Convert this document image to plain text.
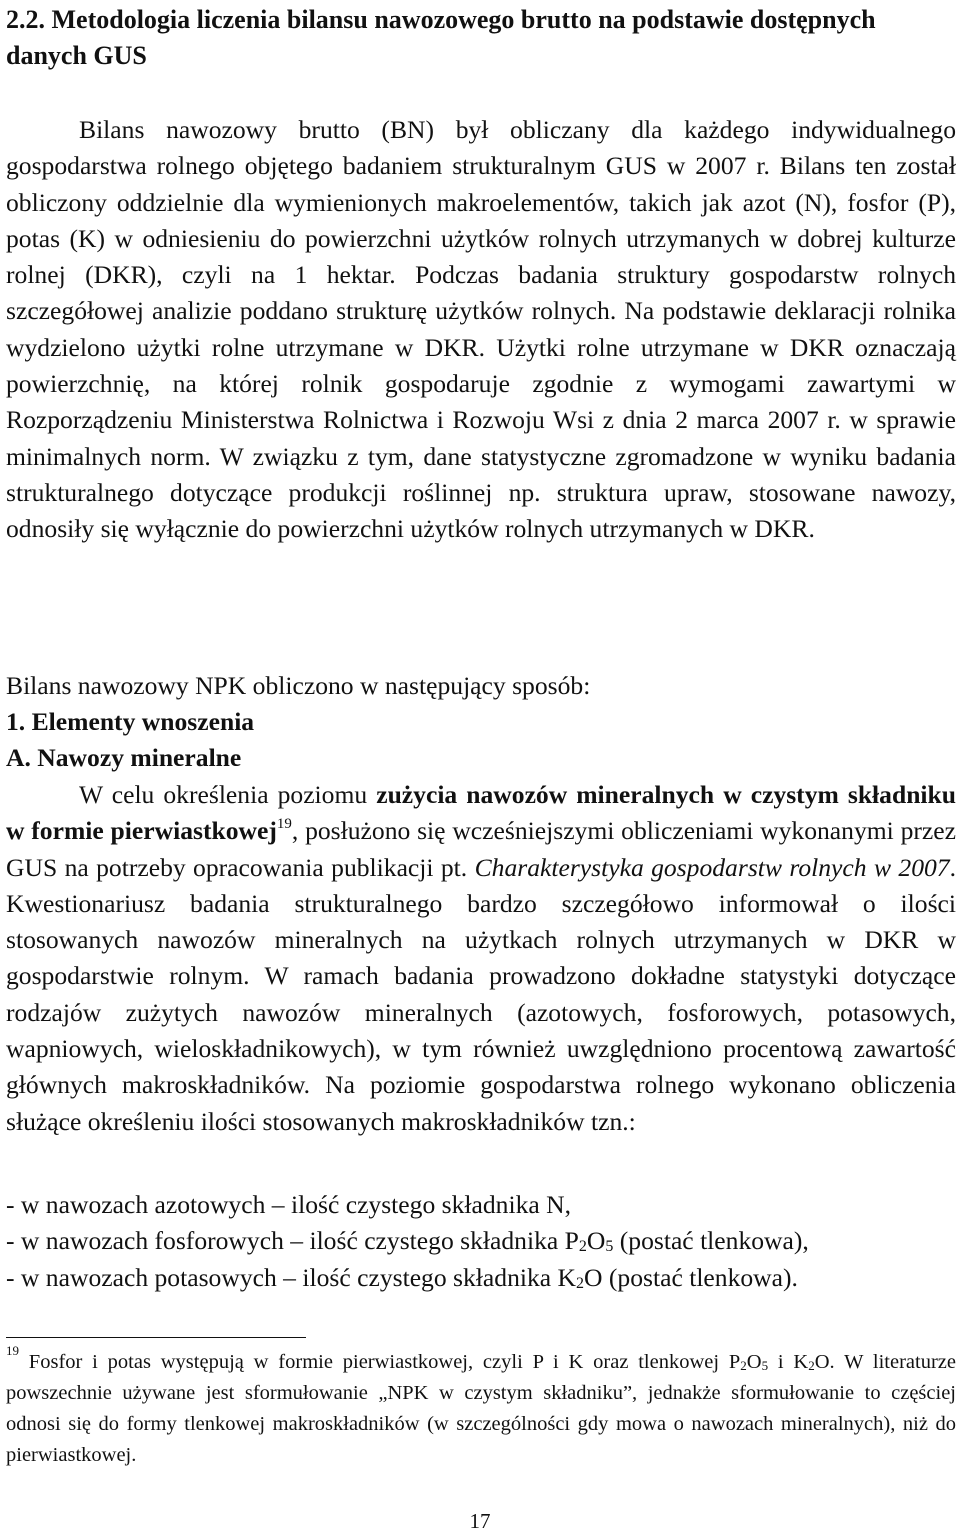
2.2. Metodologia liczenia bilansu nawozowego brutto na podstawie dostępnych danych GUS

Bilans nawozowy brutto (BN) był obliczany dla każdego indywidualnego gospodarstwa rolnego objętego badaniem strukturalnym GUS w 2007 r. Bilans ten został obliczony oddzielnie dla wymienionych makroelementów, takich jak azot (N), fosfor (P), potas (K) w odniesieniu do powierzchni użytków rolnych utrzymanych w dobrej kulturze rolnej (DKR), czyli na 1 hektar. Podczas badania struktury gospodarstw rolnych szczegółowej analizie poddano strukturę użytków rolnych. Na podstawie deklaracji rolnika wydzielono użytki rolne utrzymane w DKR. Użytki rolne utrzymane w DKR oznaczają powierzchnię, na której rolnik gospodaruje zgodnie z wymogami zawartymi w Rozporządzeniu Ministerstwa Rolnictwa i Rozwoju Wsi z dnia 2 marca 2007 r. w sprawie minimalnych norm. W związku z tym, dane statystyczne zgromadzone w wyniku badania strukturalnego dotyczące produkcji roślinnej np. struktura upraw, stosowane nawozy, odnosiły się wyłącznie do powierzchni użytków rolnych utrzymanych w DKR.

Bilans nawozowy NPK obliczono w następujący sposób:

1. Elementy wnoszenia

A. Nawozy mineralne

W celu określenia poziomu zużycia nawozów mineralnych w czystym składniku w formie pierwiastkowej$^{19}$, posłużono się wcześniejszymi obliczeniami wykonanymi przez GUS na potrzeby opracowania publikacji pt. Charakterystyka gospodarstw rolnych w 2007. Kwestionariusz badania strukturalnego bardzo szczegółowo informował o ilości stosowanych nawozów mineralnych na użytkach rolnych utrzymanych w DKR w gospodarstwie rolnym. W ramach badania prowadzono dokładne statystyki dotyczące rodzajów zużytych nawozów mineralnych (azotowych, fosforowych, potasowych, wapniowych, wieloskładnikowych), w tym również uwzględniono procentową zawartość głównych makroskładników. Na poziomie gospodarstwa rolnego wykonano obliczenia służące określeniu ilości stosowanych makroskładników tzn.:

- w nawozach azotowych – ilość czystego składnika N,

- w nawozach fosforowych – ilość czystego składnika $P_2O_5$ (postać tlenkowa),

- w nawozach potasowych – ilość czystego składnika $K_2O$ (postać tlenkowa).

$^{19}$ Fosfor i potas występują w formie pierwiastkowej, czyli P i K oraz tlenkowej $P_2O_5$ i $K_2O$. W literaturze powszechnie używane jest sformułowanie „NPK w czystym składniku”, jednakże sformułowanie to częściej odnosi się do formy tlenkowej makroskładników (w szczególności gdy mowa o nawozach mineralnych), niż do pierwiastkowej.

17
